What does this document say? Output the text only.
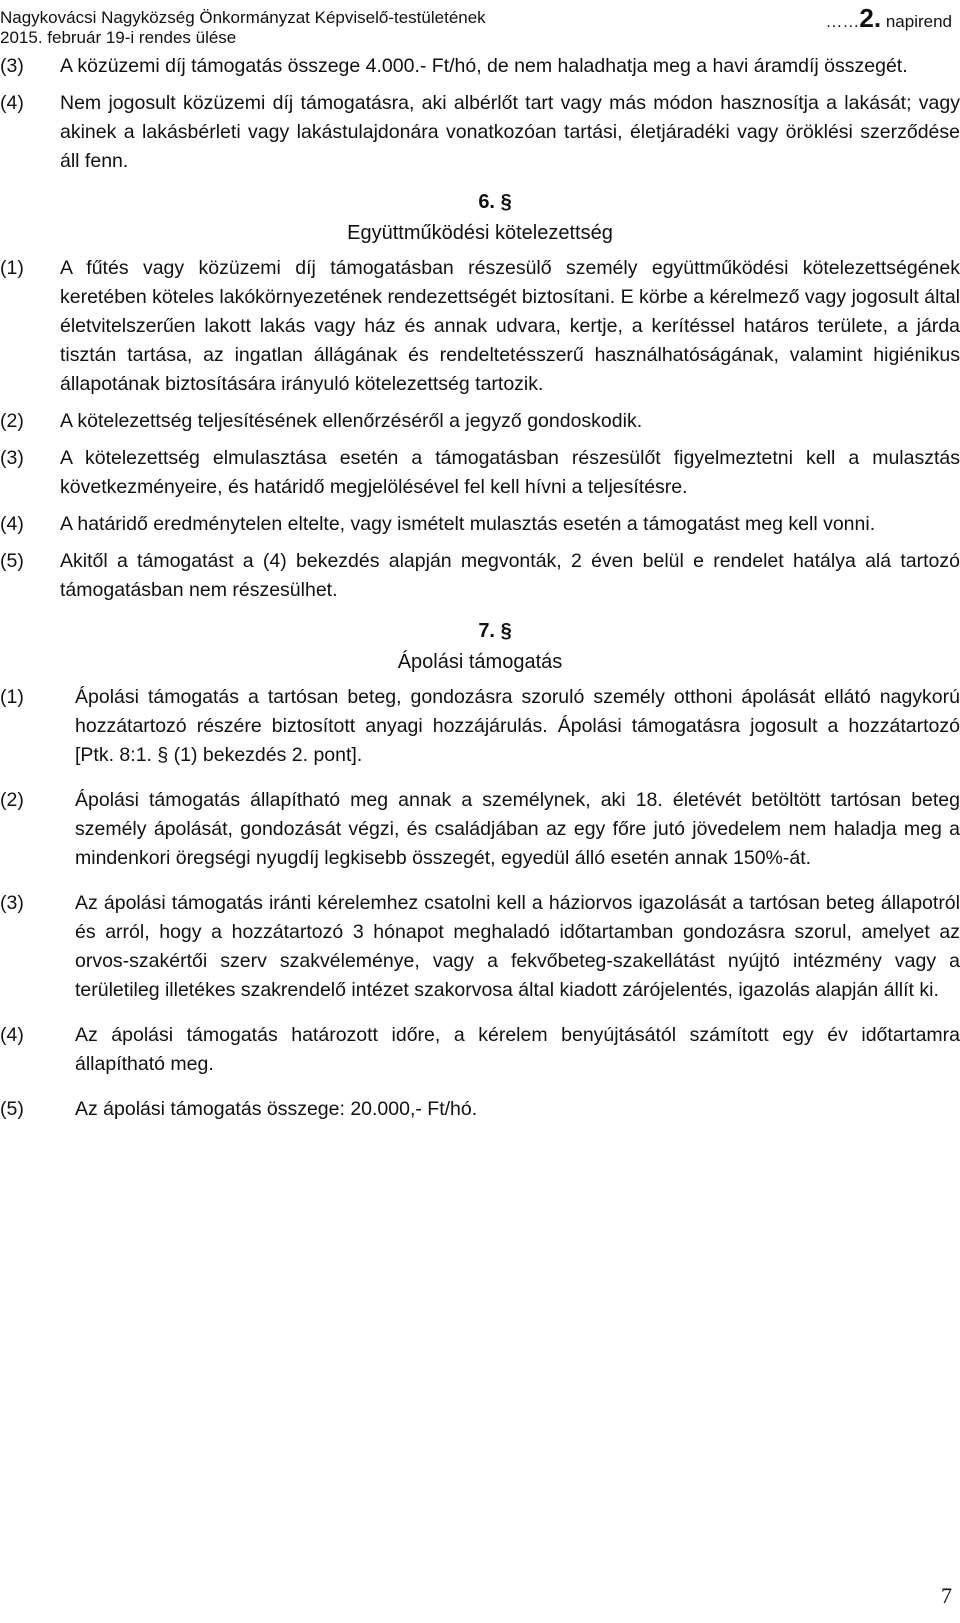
Nagykovácsi Nagyközség Önkormányzat Képviselő-testületének	……2. napirend
2015. február 19-i rendes ülése
(3) A közüzemi díj támogatás összege 4.000.- Ft/hó, de nem haladhatja meg a havi áramdíj összegét.

(4) Nem jogosult közüzemi díj támogatásra, aki albérlőt tart vagy más módon hasznosítja a lakását; vagy akinek a lakásbérleti vagy lakástulajdonára vonatkozóan tartási, életjáradéki vagy öröklési szerződése áll fenn.

6. §
Együttműködési kötelezettség
(1) A fűtés vagy közüzemi díj támogatásban részesülő személy együttműködési kötelezettségének keretében köteles lakókörnyezetének rendezettségét biztosítani. E körbe a kérelmező vagy jogosult által életvitelszerűen lakott lakás vagy ház és annak udvara, kertje, a kerítéssel határos területe, a járda tisztán tartása, az ingatlan állágának és rendeltetésszerű használhatóságának, valamint higiénikus állapotának biztosítására irányuló kötelezettség tartozik.

(2) A kötelezettség teljesítésének ellenőrzéséről a jegyző gondoskodik.

(3) A kötelezettség elmulasztása esetén a támogatásban részesülőt figyelmeztetni kell a mulasztás következményeire, és határidő megjelölésével fel kell hívni a teljesítésre.

(4) A határidő eredménytelen eltelte, vagy ismételt mulasztás esetén a támogatást meg kell vonni.

(5) Akitől a támogatást a (4) bekezdés alapján megvonták, 2 éven belül e rendelet hatálya alá tartozó támogatásban nem részesülhet.

7. §
Ápolási támogatás
(1)	Ápolási támogatás a tartósan beteg, gondozásra szoruló személy otthoni ápolását ellátó nagykorú hozzátartozó részére biztosított anyagi hozzájárulás. Ápolási támogatásra jogosult a hozzátartozó [Ptk. 8:1. § (1) bekezdés 2. pont].

(2)	Ápolási támogatás állapítható meg annak a személynek, aki 18. életévét betöltött tartósan beteg személy ápolását, gondozását végzi, és családjában az egy főre jutó jövedelem nem haladja meg a mindenkori öregségi nyugdíj legkisebb összegét, egyedül álló esetén annak 150%-át.

(3)	Az ápolási támogatás iránti kérelemhez csatolni kell a háziorvos igazolását a tartósan beteg állapotról és arról, hogy a hozzátartozó 3 hónapot meghaladó időtartamban gondozásra szorul, amelyet az orvos-szakértői szerv szakvéleménye, vagy a fekvőbeteg-szakellátást nyújtó intézmény vagy a területileg illetékes szakrendelő intézet szakorvosa által kiadott zárójelentés, igazolás alapján állít ki.

(4)	Az ápolási támogatás határozott időre, a kérelem benyújtásától számított egy év időtartamra állapítható meg.

(5)	Az ápolási támogatás összege: 20.000,- Ft/hó.

7
